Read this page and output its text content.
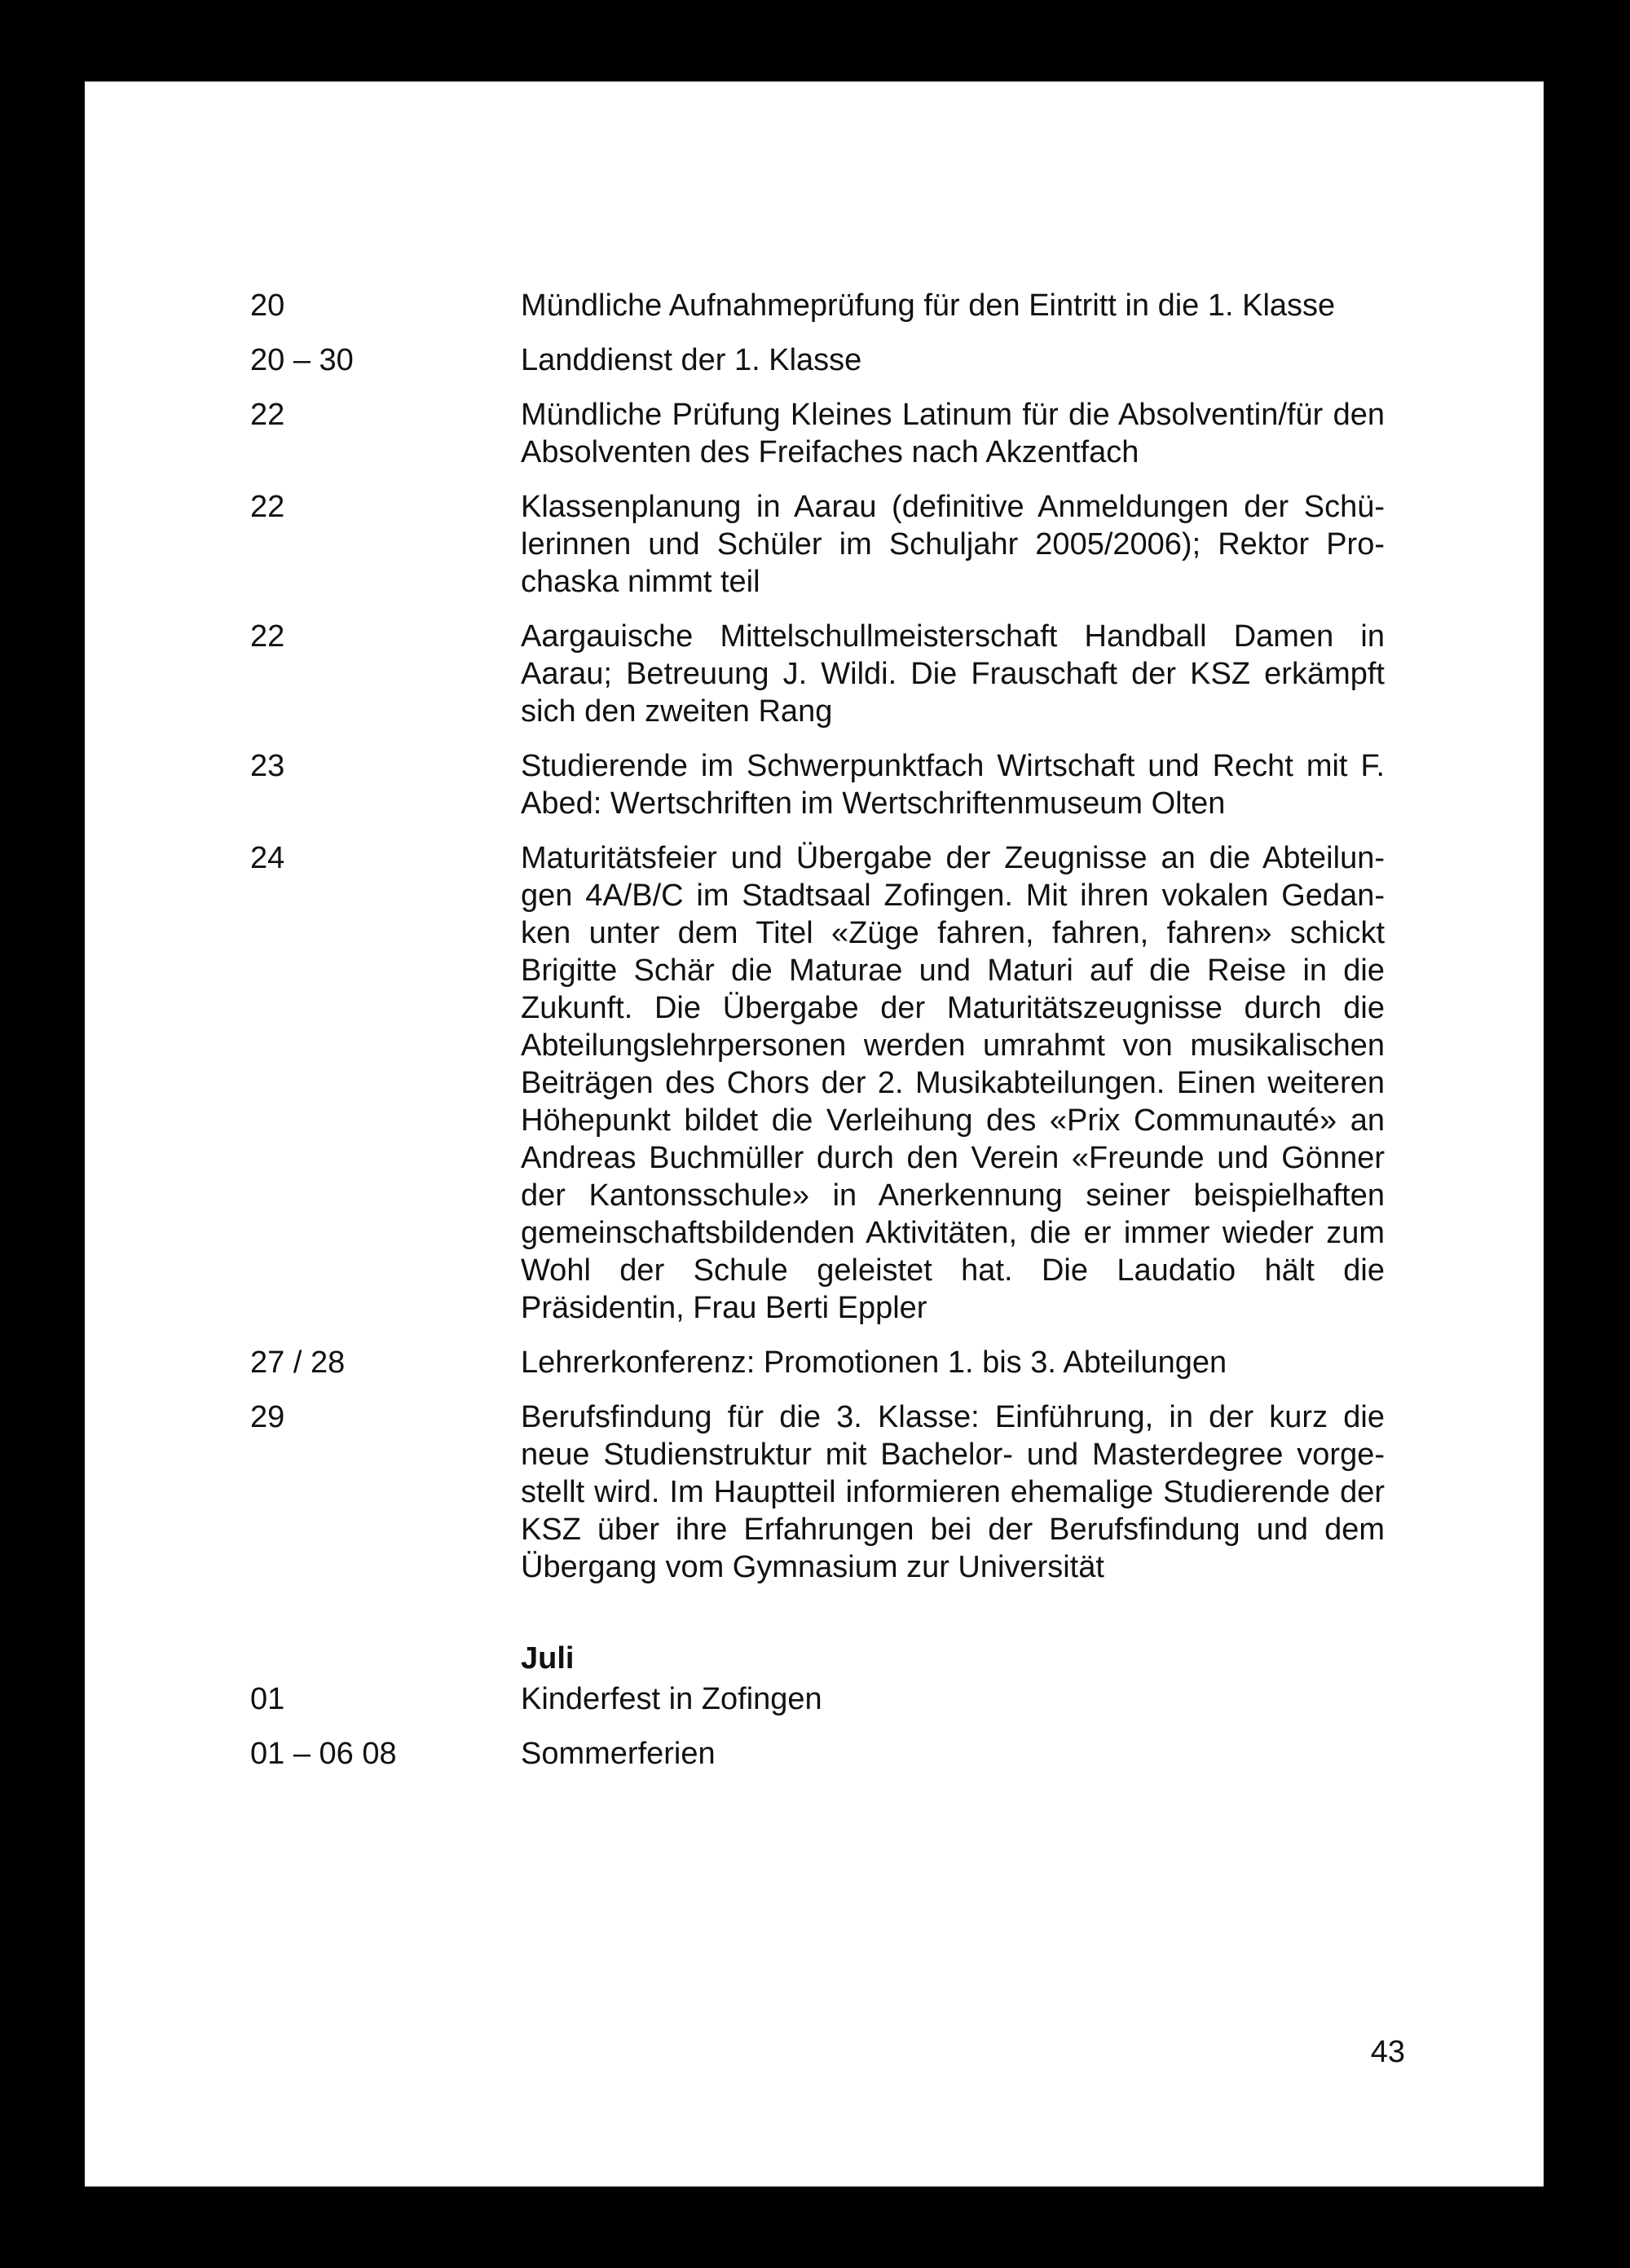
20	Mündliche Aufnahmeprüfung für den Eintritt in die 1. Klasse
20 – 30	Landdienst der 1. Klasse
22	Mündliche Prüfung Kleines Latinum für die Absolventin/für den Absolventen des Freifaches nach Akzentfach
22	Klassenplanung in Aarau (definitive Anmeldungen der Schülerinnen und Schüler im Schuljahr 2005/2006); Rektor Prochaska nimmt teil
22	Aargauische Mittelschullmeisterschaft Handball Damen in Aarau; Betreuung J. Wildi. Die Frauschaft der KSZ erkämpft sich den zweiten Rang
23	Studierende im Schwerpunktfach Wirtschaft und Recht mit F. Abed: Wertschriften im Wertschriftenmuseum Olten
24	Maturitätsfeier und Übergabe der Zeugnisse an die Abteilungen 4A/B/C im Stadtsaal Zofingen. Mit ihren vokalen Gedanken unter dem Titel «Züge fahren, fahren, fahren» schickt Brigitte Schär die Maturae und Maturi auf die Reise in die Zukunft. Die Übergabe der Maturitätszeugnisse durch die Abteilungslehrpersonen werden umrahmt von musikalischen Beiträgen des Chors der 2. Musikabteilungen. Einen weiteren Höhepunkt bildet die Verleihung des «Prix Communauté» an Andreas Buchmüller durch den Verein «Freunde und Gönner der Kantonsschule» in Anerkennung seiner beispielhaften gemeinschaftsbildenden Aktivitäten, die er immer wieder zum Wohl der Schule geleistet hat. Die Laudatio hält die Präsidentin, Frau Berti Eppler
27 / 28	Lehrerkonferenz: Promotionen 1. bis 3. Abteilungen
29	Berufsfindung für die 3. Klasse: Einführung, in der kurz die neue Studienstruktur mit Bachelor- und Masterdegree vorgestellt wird. Im Hauptteil informieren ehemalige Studierende der KSZ über ihre Erfahrungen bei der Berufsfindung und dem Übergang vom Gymnasium zur Universität
Juli
01	Kinderfest in Zofingen
01 – 06 08	Sommerferien
43
